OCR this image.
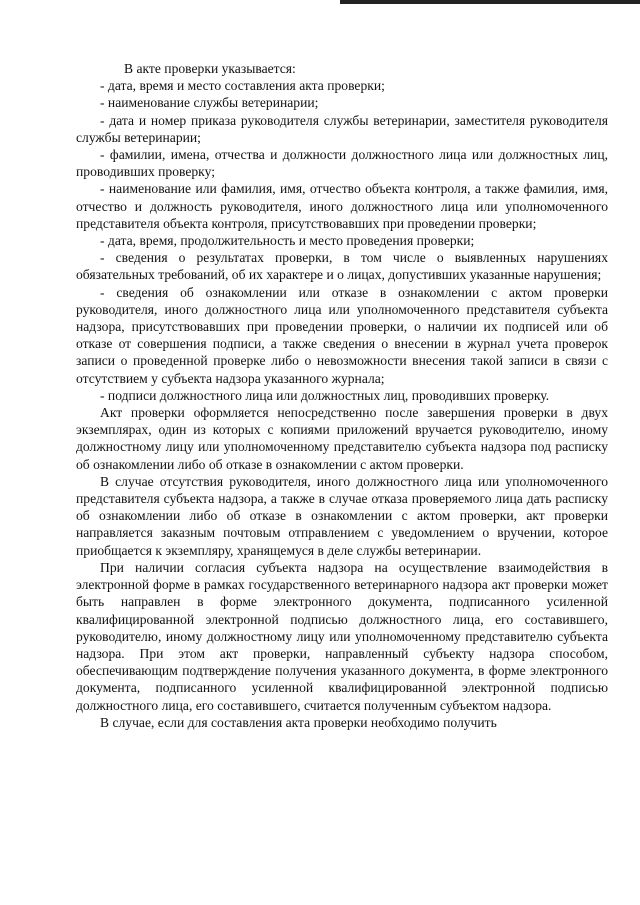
В акте проверки указывается:

- дата, время и место составления акта проверки;

- наименование службы ветеринарии;

- дата и номер приказа руководителя службы ветеринарии, заместителя руководителя службы ветеринарии;

- фамилии, имена, отчества и должности должностного лица или должностных лиц, проводивших проверку;

- наименование или фамилия, имя, отчество объекта контроля, а также фамилия, имя, отчество и должность руководителя, иного должностного лица или уполномоченного представителя объекта контроля, присутствовавших при проведении проверки;

- дата, время, продолжительность и место проведения проверки;

- сведения о результатах проверки, в том числе о выявленных нарушениях обязательных требований, об их характере и о лицах, допустивших указанные нарушения;

- сведения об ознакомлении или отказе в ознакомлении с актом проверки руководителя, иного должностного лица или уполномоченного представителя субъекта надзора, присутствовавших при проведении проверки, о наличии их подписей или об отказе от совершения подписи, а также сведения о внесении в журнал учета проверок записи о проведенной проверке либо о невозможности внесения такой записи в связи с отсутствием у субъекта надзора указанного журнала;

- подписи должностного лица или должностных лиц, проводивших проверку.

Акт проверки оформляется непосредственно после завершения проверки в двух экземплярах, один из которых с копиями приложений вручается руководителю, иному должностному лицу или уполномоченному представителю субъекта надзора под расписку об ознакомлении либо об отказе в ознакомлении с актом проверки.

В случае отсутствия руководителя, иного должностного лица или уполномоченного представителя субъекта надзора, а также в случае отказа проверяемого лица дать расписку об ознакомлении либо об отказе в ознакомлении с актом проверки, акт проверки направляется заказным почтовым отправлением с уведомлением о вручении, которое приобщается к экземпляру, хранящемуся в деле службы ветеринарии.

При наличии согласия субъекта надзора на осуществление взаимодействия в электронной форме в рамках государственного ветеринарного надзора акт проверки может быть направлен в форме электронного документа, подписанного усиленной квалифицированной электронной подписью должностного лица, его составившего, руководителю, иному должностному лицу или уполномоченному представителю субъекта надзора. При этом акт проверки, направленный субъекту надзора способом, обеспечивающим подтверждение получения указанного документа, в форме электронного документа, подписанного усиленной квалифицированной электронной подписью должностного лица, его составившего, считается полученным субъектом надзора.

В случае, если для составления акта проверки необходимо получить
